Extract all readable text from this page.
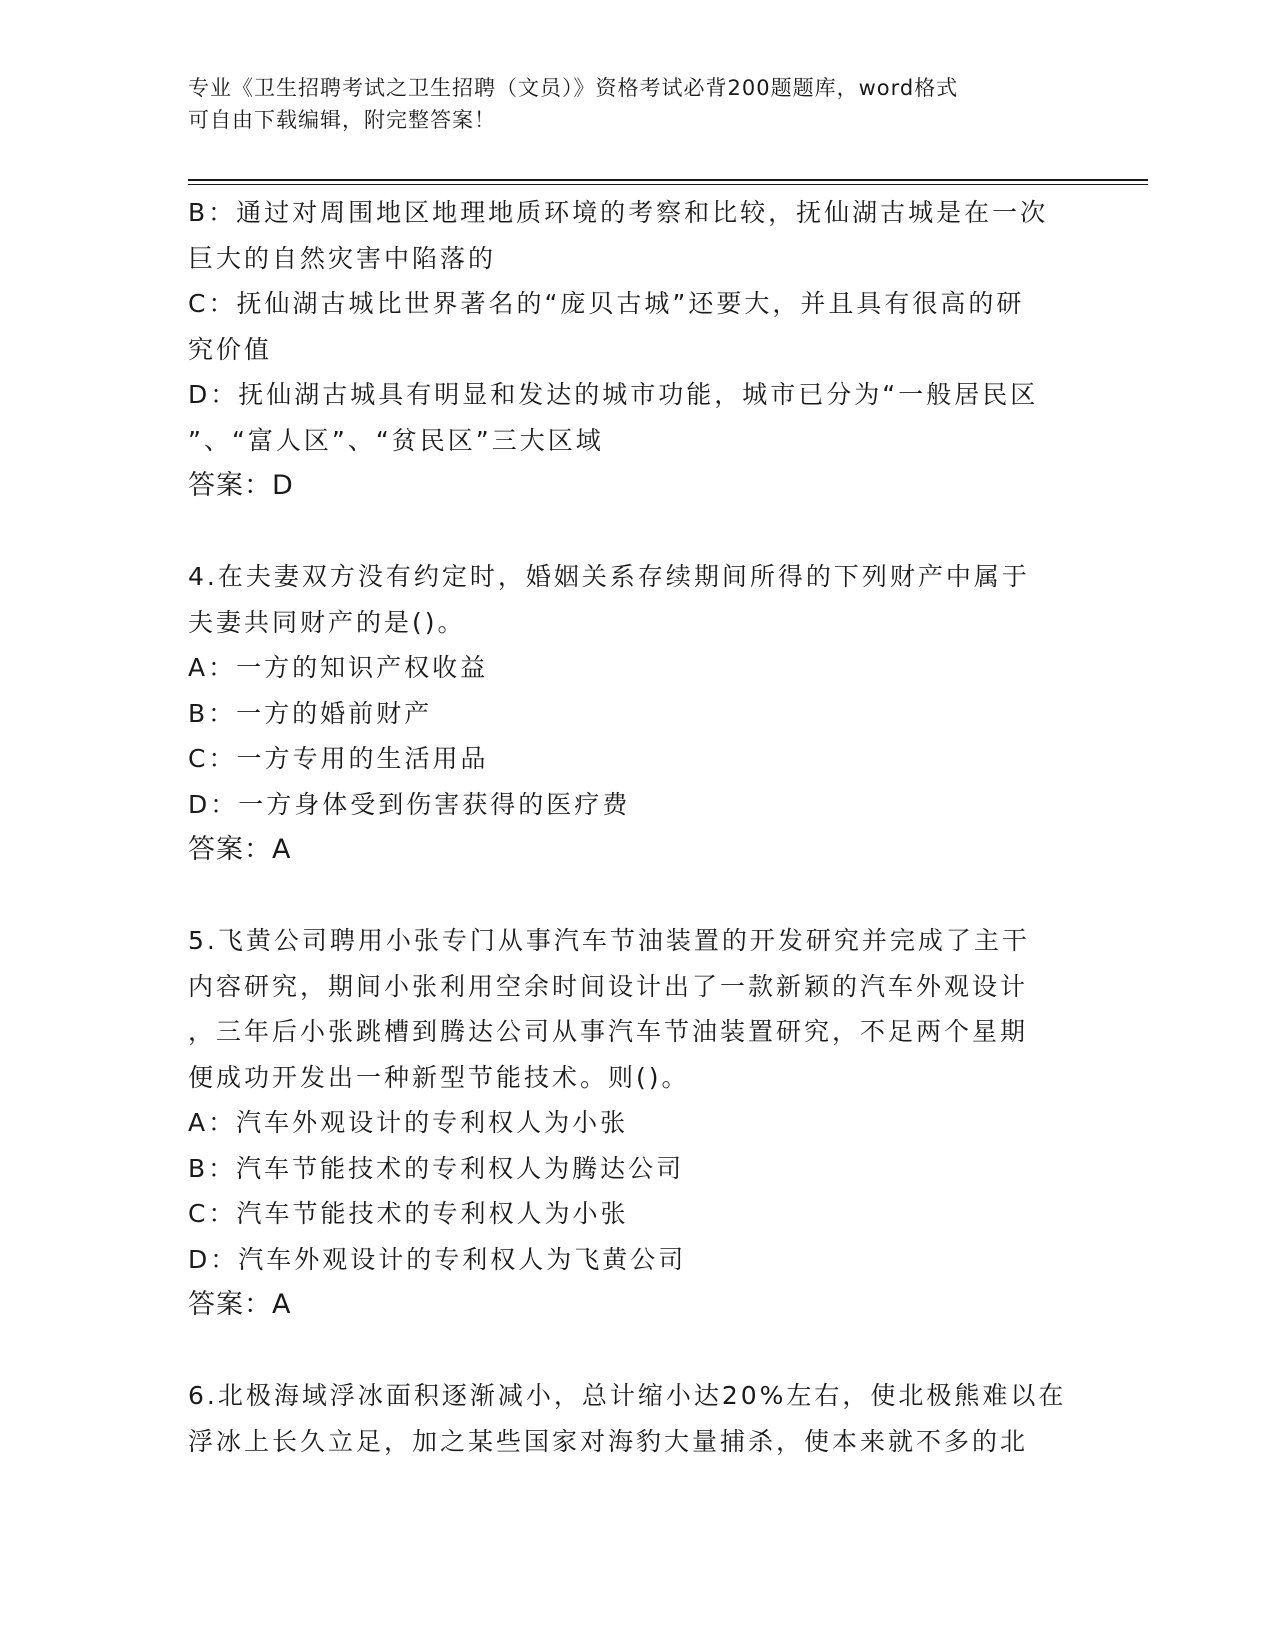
专业《卫生招聘考试之卫生招聘（文员）》资格考试必背200题题库，word格式
可自由下载编辑，附完整答案！
B：通过对周围地区地理地质环境的考察和比较，抚仙湖古城是在一次
巨大的自然灾害中陷落的
C：抚仙湖古城比世界著名的“庞贝古城”还要大，并且具有很高的研
究价值
D：抚仙湖古城具有明显和发达的城市功能，城市已分为“一般居民区
”、“富人区”、“贫民区”三大区域
答案：D
4.在夫妻双方没有约定时，婚姻关系存续期间所得的下列财产中属于
夫妻共同财产的是()。
A：一方的知识产权收益
B：一方的婚前财产
C：一方专用的生活用品
D：一方身体受到伤害获得的医疗费
答案：A
5.飞黄公司聘用小张专门从事汽车节油装置的开发研究并完成了主干
内容研究，期间小张利用空余时间设计出了一款新颖的汽车外观设计
，三年后小张跳槽到腾达公司从事汽车节油装置研究，不足两个星期
便成功开发出一种新型节能技术。则()。
A：汽车外观设计的专利权人为小张
B：汽车节能技术的专利权人为腾达公司
C：汽车节能技术的专利权人为小张
D：汽车外观设计的专利权人为飞黄公司
答案：A
6.北极海域浮冰面积逐渐减小，总计缩小达20%左右，使北极熊难以在
浮冰上长久立足，加之某些国家对海豹大量捕杀，使本来就不多的北
